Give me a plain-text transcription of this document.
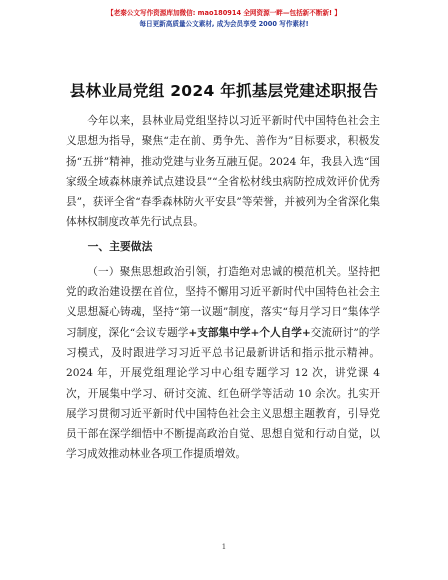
【老秦公文写作资源库加微信: mao180914 全网资源一畔—包括新不断新! 】
每日更新高质量公文素材, 成为会员享受 2000 写作素材!
县林业局党组 2024 年抓基层党建述职报告

今年以来，县林业局党组坚持以习近平新时代中国特色社会主义思想为指导，聚焦“走在前、勇争先、善作为”目标要求，积极发扬“五拼”精神，推动党建与业务互融互促。2024 年，我县入选“国家级全域森林康养试点建设县”“全省松材线虫病防控成效评价优秀县”，获评全省“春季森林防火平安县”等荣誉，并被列为全省深化集体林权制度改革先行试点县。

一、主要做法

（一）聚焦思想政治引领，打造绝对忠诚的模范机关。坚持把党的政治建设摆在首位，坚持不懈用习近平新时代中国特色社会主义思想凝心铸魂，坚持“第一议题”制度，落实“每月学习日”集体学习制度，深化“会议专题学+支部集中学+个人自学+交流研讨”的学习模式，及时跟进学习习近平总书记最新讲话和指示批示精神。2024 年，开展党组理论学习中心组专题学习 12 次，讲党课 4 次，开展集中学习、研讨交流、红色研学等活动 10 余次。扎实开展学习贯彻习近平新时代中国特色社会主义思想主题教育，引导党员干部在深学细悟中不断提高政治自觉、思想自觉和行动自觉，以学习成效推动林业各项工作提质增效。

1
